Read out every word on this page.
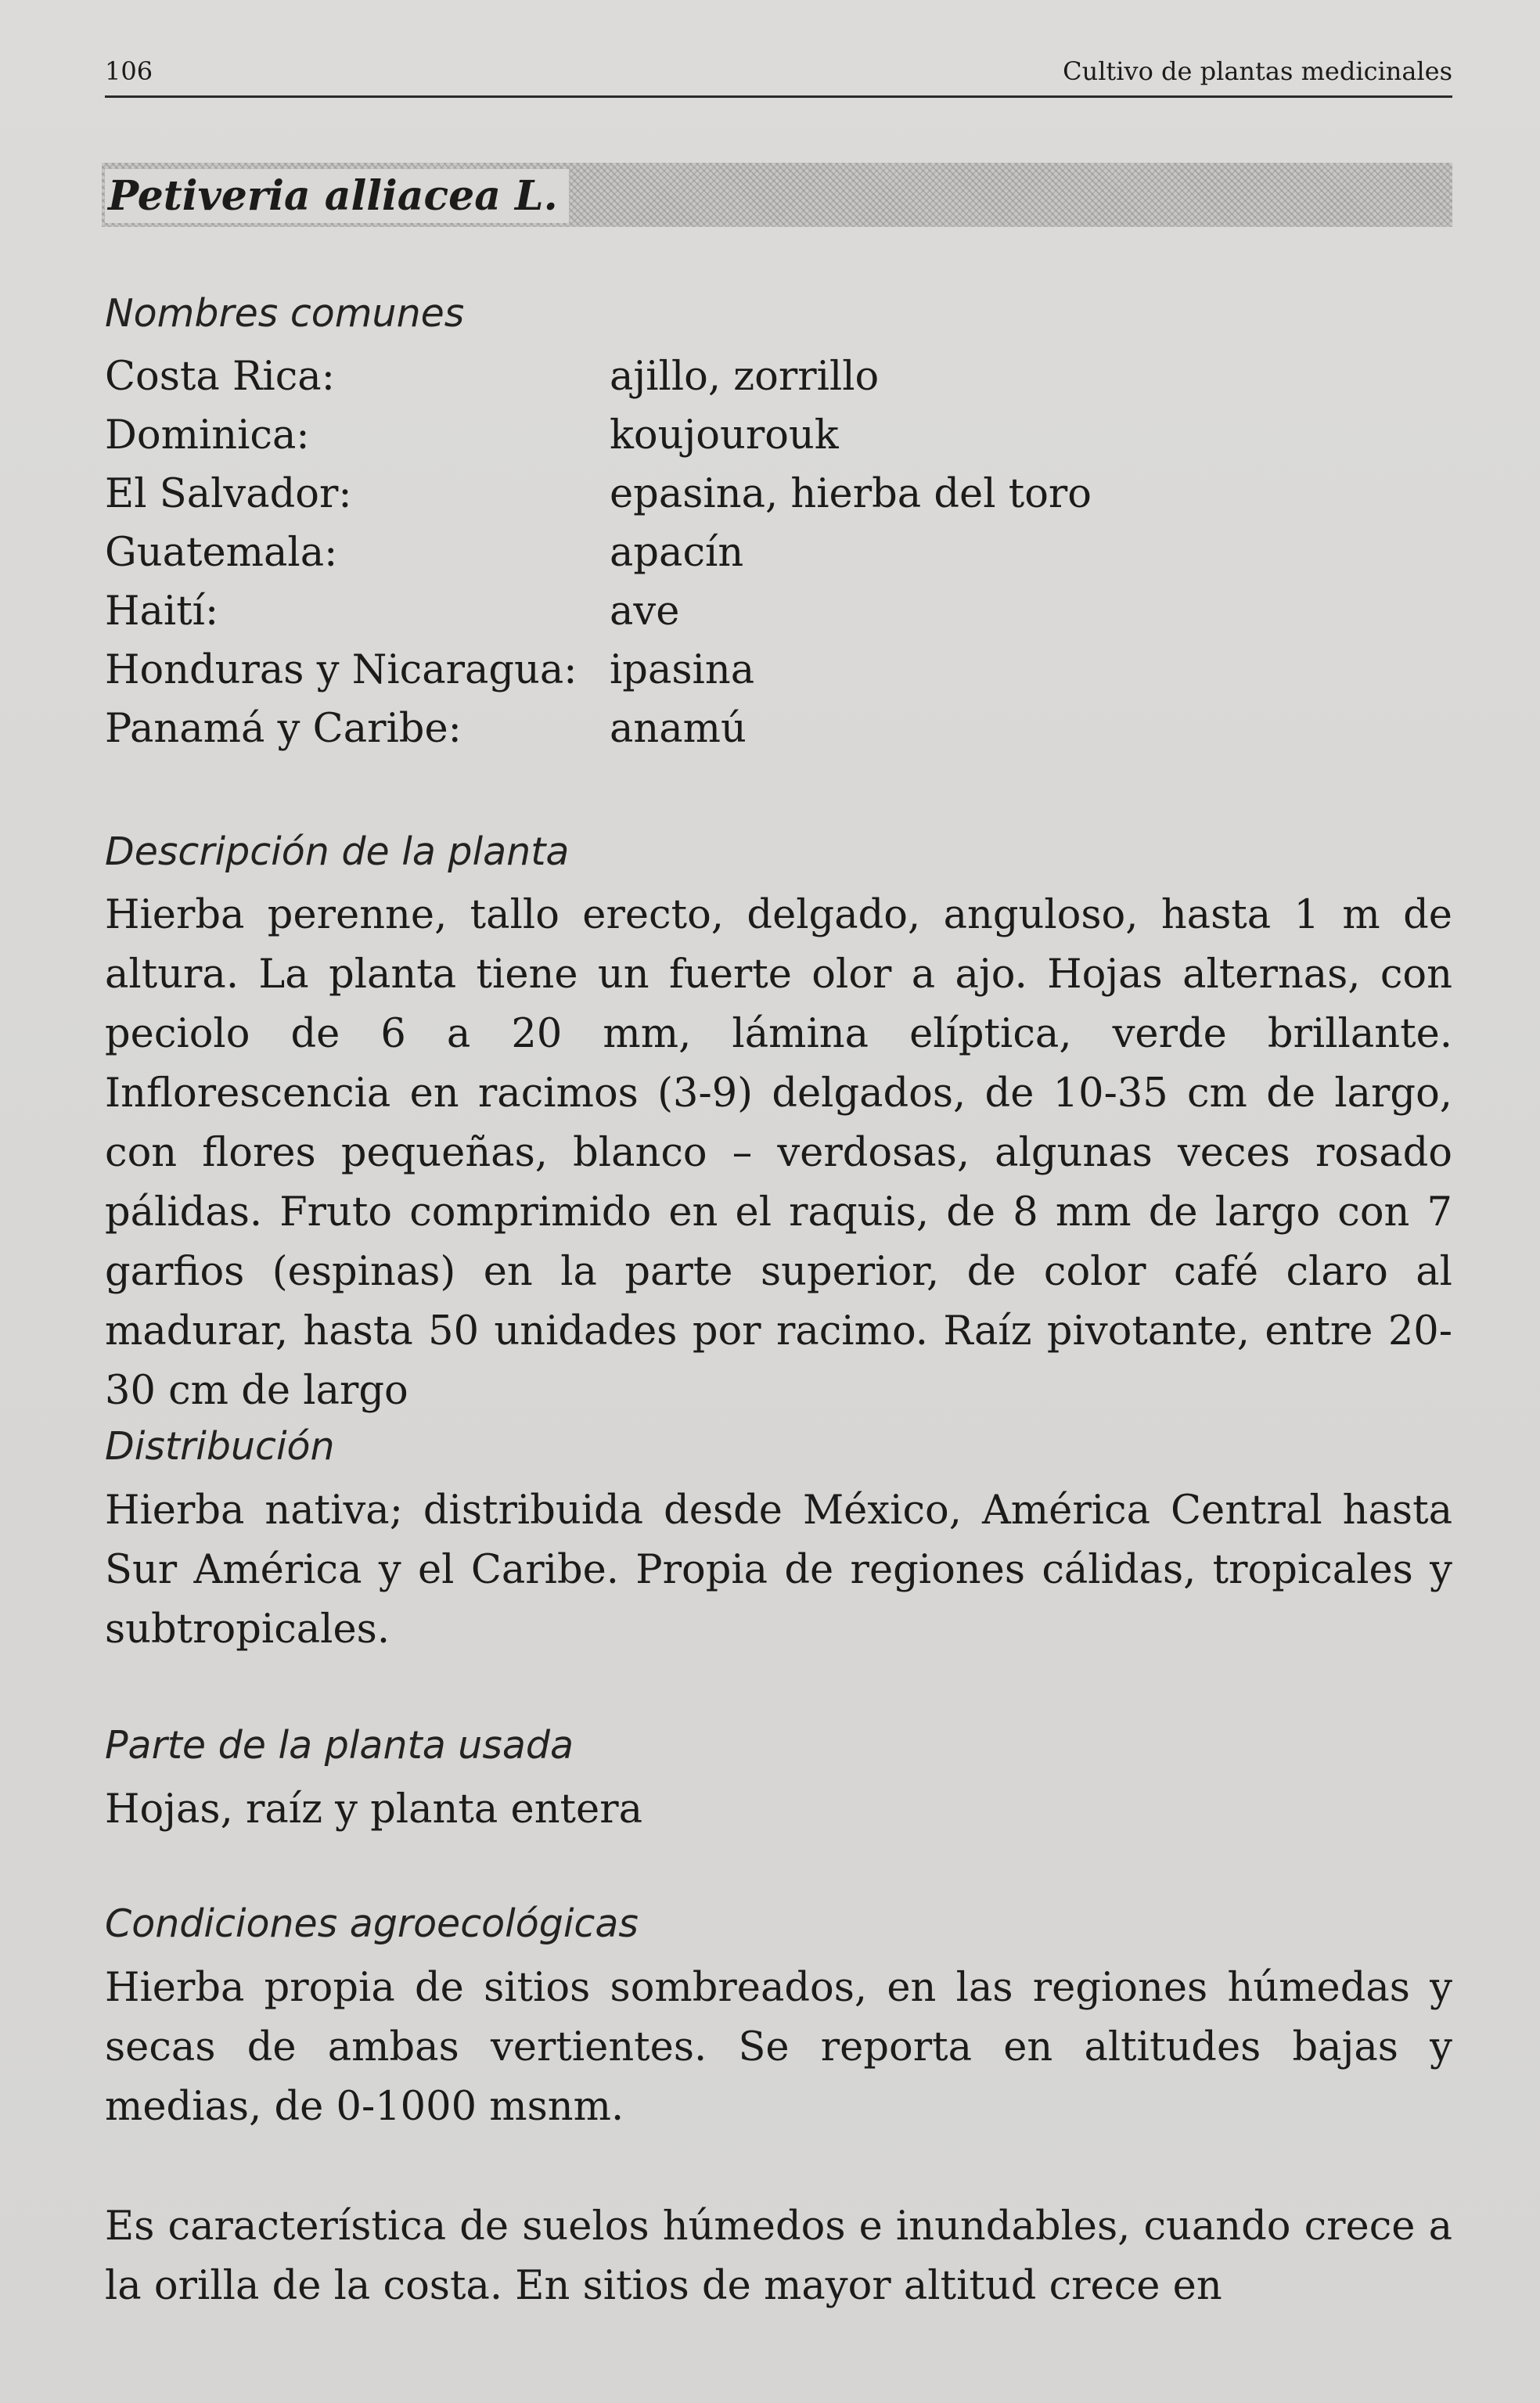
106	Cultivo de plantas medicinales
Petiveria alliacea L.
Nombres comunes
Costa Rica:	ajillo, zorrillo
Dominica:	koujourouk
El Salvador:	epasina, hierba del toro
Guatemala:	apacín
Haití:	ave
Honduras y Nicaragua:	ipasina
Panamá y Caribe:	anamú
Descripción de la planta
Hierba perenne, tallo erecto, delgado, anguloso, hasta 1 m de altura. La planta tiene un fuerte olor a ajo. Hojas alternas, con peciolo de 6 a 20 mm, lámina elíptica, verde brillante. Inflorescencia en racimos (3-9) delgados, de 10-35 cm de largo, con flores pequeñas, blanco – verdosas, algunas veces rosado pálidas. Fruto comprimido en el raquis, de 8 mm de largo con 7 garfios (espinas) en la parte superior, de color café claro al madurar, hasta 50 unidades por racimo. Raíz pivotante, entre 20-30 cm de largo
Distribución
Hierba nativa; distribuida desde México, América Central hasta Sur América y el Caribe. Propia de regiones cálidas, tropicales y subtropicales.
Parte de la planta usada
Hojas, raíz y planta entera
Condiciones agroecológicas
Hierba propia de sitios sombreados, en las regiones húmedas y secas de ambas vertientes. Se reporta en altitudes bajas y medias, de 0-1000 msnm.
Es característica de suelos húmedos e inundables, cuando crece a la orilla de la costa. En sitios de mayor altitud crece en
